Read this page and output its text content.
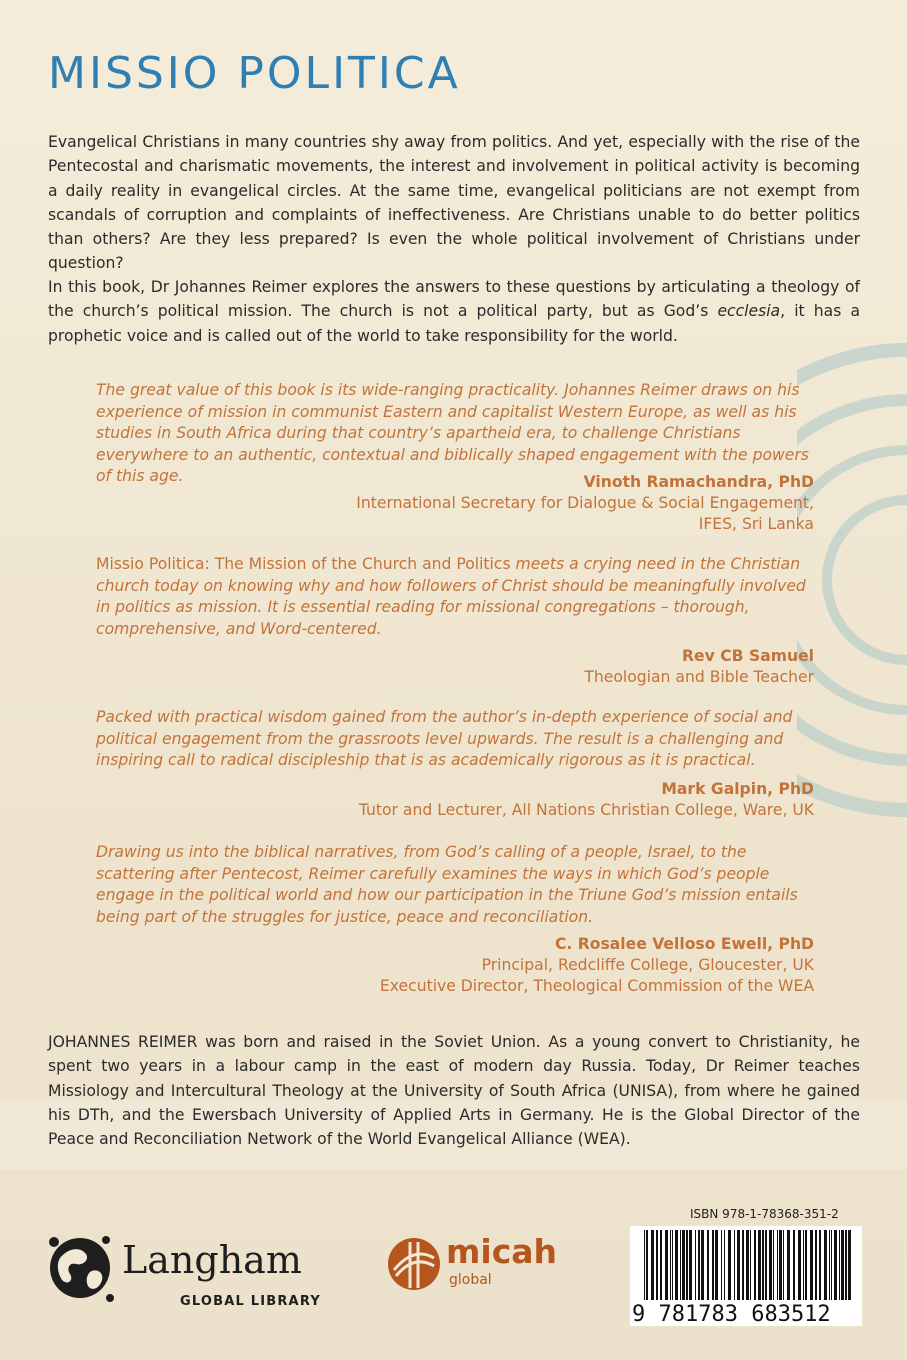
MISSIO POLITICA

Evangelical Christians in many countries shy away from politics. And yet, especially with the rise of the Pentecostal and charismatic movements, the interest and involvement in political activity is becoming a daily reality in evangelical circles. At the same time, evangelical politicians are not exempt from scandals of corruption and complaints of ineffectiveness. Are Christians unable to do better politics than others? Are they less prepared? Is even the whole political involvement of Christians under question?

In this book, Dr Johannes Reimer explores the answers to these questions by articulating a theology of the church’s political mission. The church is not a political party, but as God’s ecclesia, it has a prophetic voice and is called out of the world to take responsibility for the world.

The great value of this book is its wide-ranging practicality. Johannes Reimer draws on his experience of mission in communist Eastern and capitalist Western Europe, as well as his studies in South Africa during that country’s apartheid era, to challenge Christians everywhere to an authentic, contextual and biblically shaped engagement with the powers of this age.	Vinoth Ramachandra, PhD
International Secretary for Dialogue & Social Engagement,
IFES, Sri Lanka

Missio Politica: The Mission of the Church and Politics meets a crying need in the Christian church today on knowing why and how followers of Christ should be meaningfully involved in politics as mission. It is essential reading for missional congregations – thorough, comprehensive, and Word-centered.

Rev CB Samuel
Theologian and Bible Teacher

Packed with practical wisdom gained from the author’s in-depth experience of social and political engagement from the grassroots level upwards. The result is a challenging and inspiring call to radical discipleship that is as academically rigorous as it is practical.

Mark Galpin, PhD
Tutor and Lecturer, All Nations Christian College, Ware, UK

Drawing us into the biblical narratives, from God’s calling of a people, Israel, to the scattering after Pentecost, Reimer carefully examines the ways in which God’s people engage in the political world and how our participation in the Triune God’s mission entails being part of the struggles for justice, peace and reconciliation.

C. Rosalee Velloso Ewell, PhD
Principal, Redcliffe College, Gloucester, UK
Executive Director, Theological Commission of the WEA

JOHANNES REIMER was born and raised in the Soviet Union. As a young convert to Christianity, he spent two years in a labour camp in the east of modern day Russia. Today, Dr Reimer teaches Missiology and Intercultural Theology at the University of South Africa (UNISA), from where he gained his DTh, and the Ewersbach University of Applied Arts in Germany. He is the Global Director of the Peace and Reconciliation Network of the World Evangelical Alliance (WEA).

Langham
GLOBAL LIBRARY
micah
global
ISBN 978-1-78368-351-2
9 781783 683512
